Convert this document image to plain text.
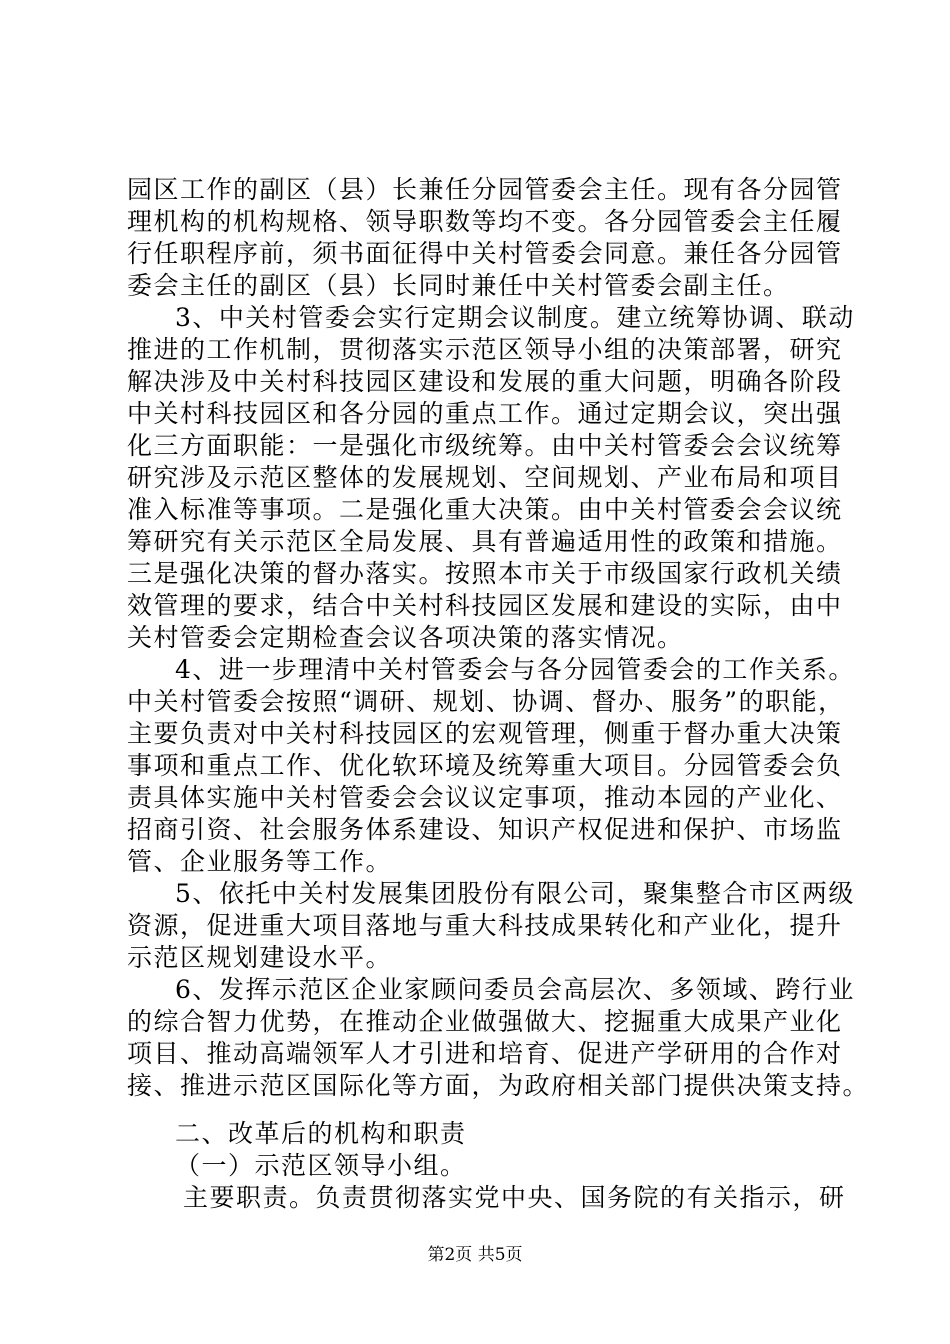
园区工作的副区（县）长兼任分园管委会主任。现有各分园管
理机构的机构规格、领导职数等均不变。各分园管委会主任履
行任职程序前，须书面征得中关村管委会同意。兼任各分园管
委会主任的副区（县）长同时兼任中关村管委会副主任。
3、中关村管委会实行定期会议制度。建立统筹协调、联动
推进的工作机制，贯彻落实示范区领导小组的决策部署，研究
解决涉及中关村科技园区建设和发展的重大问题，明确各阶段
中关村科技园区和各分园的重点工作。通过定期会议，突出强
化三方面职能：一是强化市级统筹。由中关村管委会会议统筹
研究涉及示范区整体的发展规划、空间规划、产业布局和项目
准入标准等事项。二是强化重大决策。由中关村管委会会议统
筹研究有关示范区全局发展、具有普遍适用性的政策和措施。
三是强化决策的督办落实。按照本市关于市级国家行政机关绩
效管理的要求，结合中关村科技园区发展和建设的实际，由中
关村管委会定期检查会议各项决策的落实情况。
4、进一步理清中关村管委会与各分园管委会的工作关系。
中关村管委会按照“调研、规划、协调、督办、服务”的职能，
主要负责对中关村科技园区的宏观管理，侧重于督办重大决策
事项和重点工作、优化软环境及统筹重大项目。分园管委会负
责具体实施中关村管委会会议议定事项，推动本园的产业化、
招商引资、社会服务体系建设、知识产权促进和保护、市场监
管、企业服务等工作。
5、依托中关村发展集团股份有限公司，聚集整合市区两级
资源，促进重大项目落地与重大科技成果转化和产业化，提升
示范区规划建设水平。
6、发挥示范区企业家顾问委员会高层次、多领域、跨行业
的综合智力优势，在推动企业做强做大、挖掘重大成果产业化
项目、推动高端领军人才引进和培育、促进产学研用的合作对
接、推进示范区国际化等方面，为政府相关部门提供决策支持。
二、改革后的机构和职责
（一）示范区领导小组。
主要职责。负责贯彻落实党中央、国务院的有关指示，研
第2页 共5页
